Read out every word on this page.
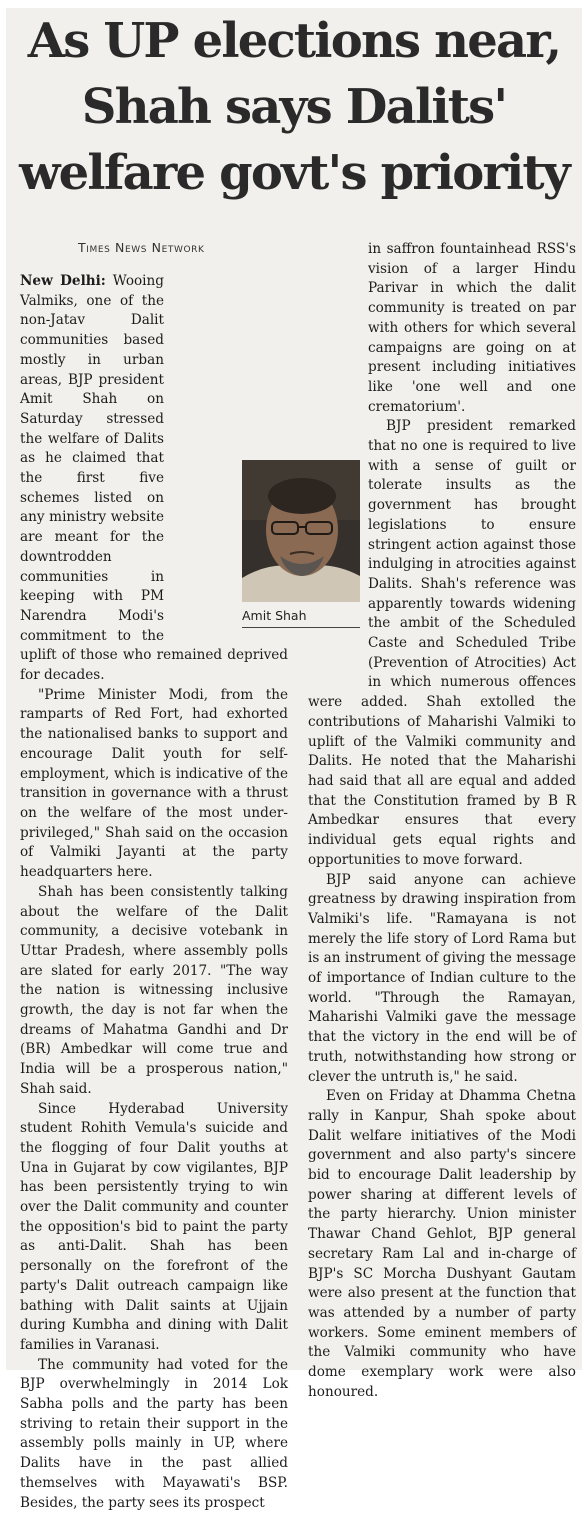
As UP elections near,
Shah says Dalits'
welfare govt's priority

Times News Network

New Delhi: Wooing Valmiks, one of the non-Jatav Dalit communities based mostly in urban areas, BJP president Amit Shah on Saturday stressed the welfare of Dalits as he claimed that the first five schemes listed on any ministry website are meant for the downtrodden communities in keeping with PM Narendra Modi's commitment to the uplift of those who remained deprived for decades.

"Prime Minister Modi, from the ramparts of Red Fort, had exhorted the nationalised banks to support and encourage Dalit youth for self-employment, which is indicative of the transition in governance with a thrust on the welfare of the most under-privileged," Shah said on the occasion of Valmiki Jayanti at the party headquarters here.

Shah has been consistently talking about the welfare of the Dalit community, a decisive votebank in Uttar Pradesh, where assembly polls are slated for early 2017. "The way the nation is witnessing inclusive growth, the day is not far when the dreams of Mahatma Gandhi and Dr (BR) Ambedkar will come true and India will be a prosperous nation," Shah said.

Since Hyderabad University student Rohith Vemula's suicide and the flogging of four Dalit youths at Una in Gujarat by cow vigilantes, BJP has been persistently trying to win over the Dalit community and counter the opposition's bid to paint the party as anti-Dalit. Shah has been personally on the forefront of the party's Dalit outreach campaign like bathing with Dalit saints at Ujjain during Kumbha and dining with Dalit families in Varanasi.

The community had voted for the BJP overwhelmingly in 2014 Lok Sabha polls and the party has been striving to retain their support in the assembly polls mainly in UP, where Dalits have in the past allied themselves with Mayawati's BSP. Besides, the party sees its prospect

in saffron fountainhead RSS's vision of a larger Hindu Parivar in which the dalit community is treated on par with others for which several campaigns are going on at present including initiatives like 'one well and one crematorium'.

BJP president remarked that no one is required to live with a sense of guilt or tolerate insults as the government has brought legislations to ensure stringent action against those indulging in atrocities against Dalits. Shah's reference was apparently towards widening the ambit of the Scheduled Caste and Scheduled Tribe (Prevention of Atrocities) Act in which numerous offences were added. Shah extolled the contributions of Maharishi Valmiki to uplift of the Valmiki community and Dalits. He noted that the Maharishi had said that all are equal and added that the Constitution framed by B R Ambedkar ensures that every individual gets equal rights and opportunities to move forward.

BJP said anyone can achieve greatness by drawing inspiration from Valmiki's life. "Ramayana is not merely the life story of Lord Rama but is an instrument of giving the message of importance of Indian culture to the world. "Through the Ramayan, Maharishi Valmiki gave the message that the victory in the end will be of truth, notwithstanding how strong or clever the untruth is," he said.

Even on Friday at Dhamma Chetna rally in Kanpur, Shah spoke about Dalit welfare initiatives of the Modi government and also party's sincere bid to encourage Dalit leadership by power sharing at different levels of the party hierarchy. Union minister Thawar Chand Gehlot, BJP general secretary Ram Lal and in-charge of BJP's SC Morcha Dushyant Gautam were also present at the function that was attended by a number of party workers. Some eminent members of the Valmiki community who have dome exemplary work were also honoured.

Amit Shah
